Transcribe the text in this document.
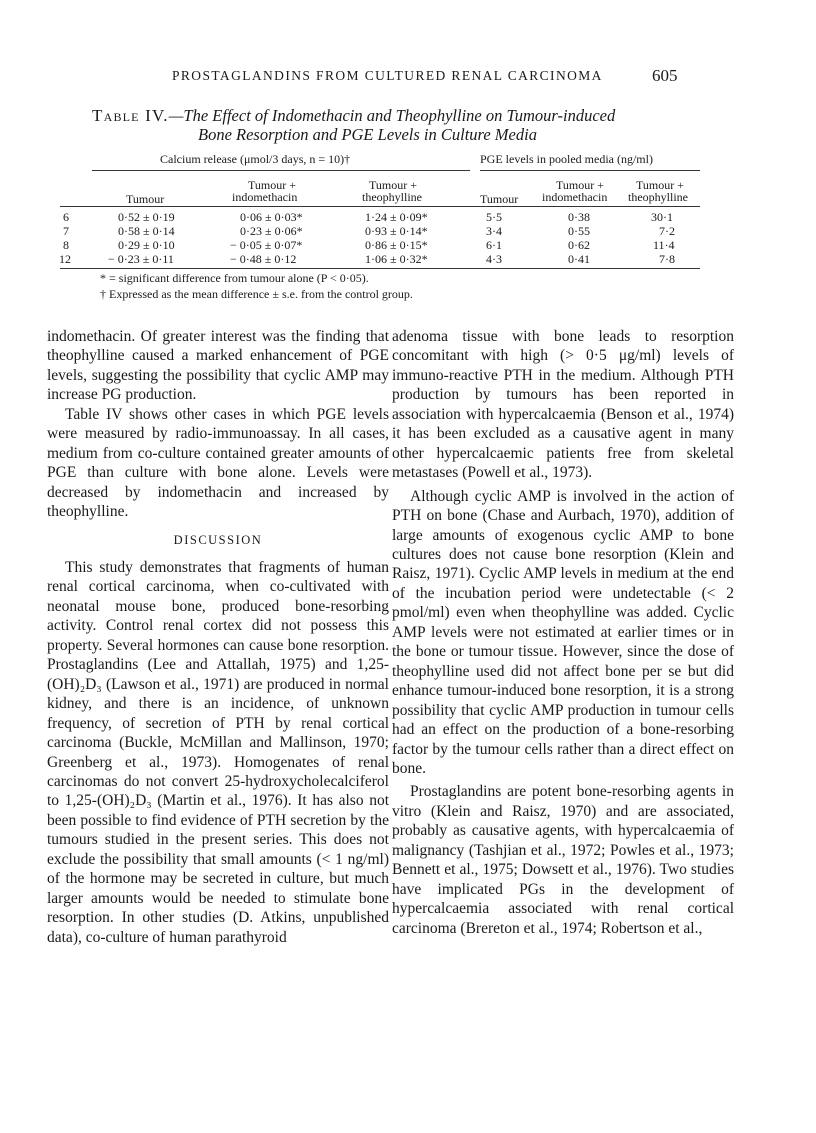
PROSTAGLANDINS FROM CULTURED RENAL CARCINOMA	605
Table IV.—The Effect of Indomethacin and Theophylline on Tumour-induced
Bone Resorption and PGE Levels in Culture Media
Calcium release (μmol/3 days, n = 10)†	PGE levels in pooled media (ng/ml)
Tumour
Tumour +
indomethacin
Tumour +
theophylline	Tumour
Tumour +
indomethacin
Tumour +
theophylline
6	0·52 ± 0·19	0·06 ± 0·03*	1·24 ± 0·09*	5·5	0·38	30·1
7	0·58 ± 0·14	0·23 ± 0·06*	0·93 ± 0·14*	3·4	0·55	7·2
8	0·29 ± 0·10	− 0·05 ± 0·07*	0·86 ± 0·15*	6·1	0·62	11·4
12	− 0·23 ± 0·11	− 0·48 ± 0·12	1·06 ± 0·32*	4·3	0·41	7·8
* = significant difference from tumour alone (P < 0·05).
† Expressed as the mean difference ± s.e. from the control group.

indomethacin. Of greater interest was the finding that theophylline caused a marked enhancement of PGE levels, suggesting the possibility that cyclic AMP may increase PG production.

Table IV shows other cases in which PGE levels were measured by radio-immunoassay. In all cases, medium from co-culture contained greater amounts of PGE than culture with bone alone. Levels were decreased by indomethacin and increased by theophylline.

DISCUSSION

This study demonstrates that fragments of human renal cortical carcinoma, when co-cultivated with neonatal mouse bone, produced bone-resorbing activity. Control renal cortex did not possess this property. Several hormones can cause bone resorption. Prostaglandins (Lee and Attallah, 1975) and 1,25-(OH)₂D₃ (Lawson et al., 1971) are produced in normal kidney, and there is an incidence, of unknown frequency, of secretion of PTH by renal cortical carcinoma (Buckle, McMillan and Mallinson, 1970; Greenberg et al., 1973). Homogenates of renal carcinomas do not convert 25-hydroxycholecalciferol to 1,25-(OH)₂D₃ (Martin et al., 1976). It has also not been possible to find evidence of PTH secretion by the tumours studied in the present series. This does not exclude the possibility that small amounts (< 1 ng/ml) of the hormone may be secreted in culture, but much larger amounts would be needed to stimulate bone resorption. In other studies (D. Atkins, unpublished data), co-culture of human parathyroid

adenoma tissue with bone leads to resorption concomitant with high (> 0·5 μg/ml) levels of immuno-reactive PTH in the medium. Although PTH production by tumours has been reported in association with hypercalcaemia (Benson et al., 1974) it has been excluded as a causative agent in many other hypercalcaemic patients free from skeletal metastases (Powell et al., 1973).

Although cyclic AMP is involved in the action of PTH on bone (Chase and Aurbach, 1970), addition of large amounts of exogenous cyclic AMP to bone cultures does not cause bone resorption (Klein and Raisz, 1971). Cyclic AMP levels in medium at the end of the incubation period were undetectable (< 2 pmol/ml) even when theophylline was added. Cyclic AMP levels were not estimated at earlier times or in the bone or tumour tissue. However, since the dose of theophylline used did not affect bone per se but did enhance tumour-induced bone resorption, it is a strong possibility that cyclic AMP production in tumour cells had an effect on the production of a bone-resorbing factor by the tumour cells rather than a direct effect on bone.

Prostaglandins are potent bone-resorbing agents in vitro (Klein and Raisz, 1970) and are associated, probably as causative agents, with hypercalcaemia of malignancy (Tashjian et al., 1972; Powles et al., 1973; Bennett et al., 1975; Dowsett et al., 1976). Two studies have implicated PGs in the development of hypercalcaemia associated with renal cortical carcinoma (Brereton et al., 1974; Robertson et al.,
